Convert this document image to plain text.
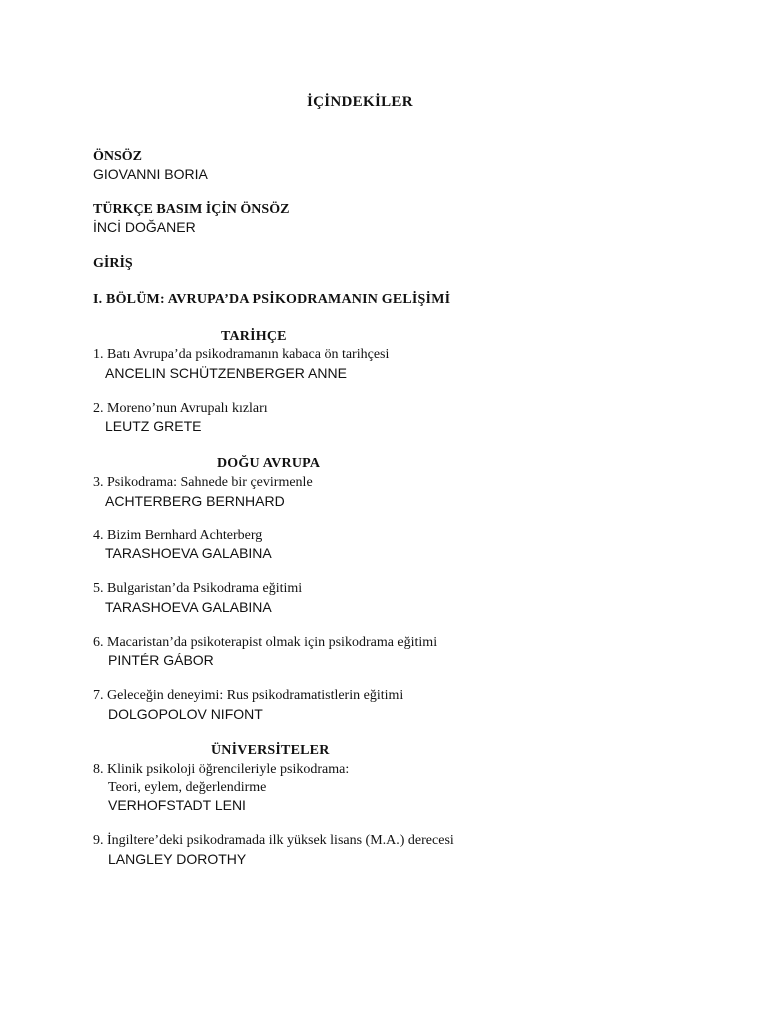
İÇİNDEKİLER
ÖNSÖZ
GIOVANNI BORIA
TÜRKÇE BASIM İÇİN ÖNSÖZ
İNCİ DOĞANER
GİRİŞ
I. BÖLÜM: AVRUPA’DA PSİKODRAMANIN GELİŞİMİ
TARİHÇE
1. Batı Avrupa’da psikodramanın kabaca ön tarihçesi
ANCELIN SCHÜTZENBERGER ANNE
2. Moreno’nun Avrupalı kızları
LEUTZ GRETE
DOĞU AVRUPA
3. Psikodrama: Sahnede bir çevirmenle
ACHTERBERG BERNHARD
4. Bizim Bernhard Achterberg
TARASHOEVA GALABINA
5. Bulgaristan’da Psikodrama eğitimi
TARASHOEVA GALABINA
6. Macaristan’da psikoterapist olmak için psikodrama eğitimi
PINTÉR GÁBOR
7. Geleceğin deneyimi: Rus psikodramatistlerin eğitimi
DOLGOPOLOV NIFONT
ÜNİVERSİTELER
8. Klinik psikoloji öğrencileriyle psikodrama:
Teori, eylem, değerlendirme
VERHOFSTADT LENI
9. İngiltere’deki psikodramada ilk yüksek lisans (M.A.) derecesi
LANGLEY DOROTHY
